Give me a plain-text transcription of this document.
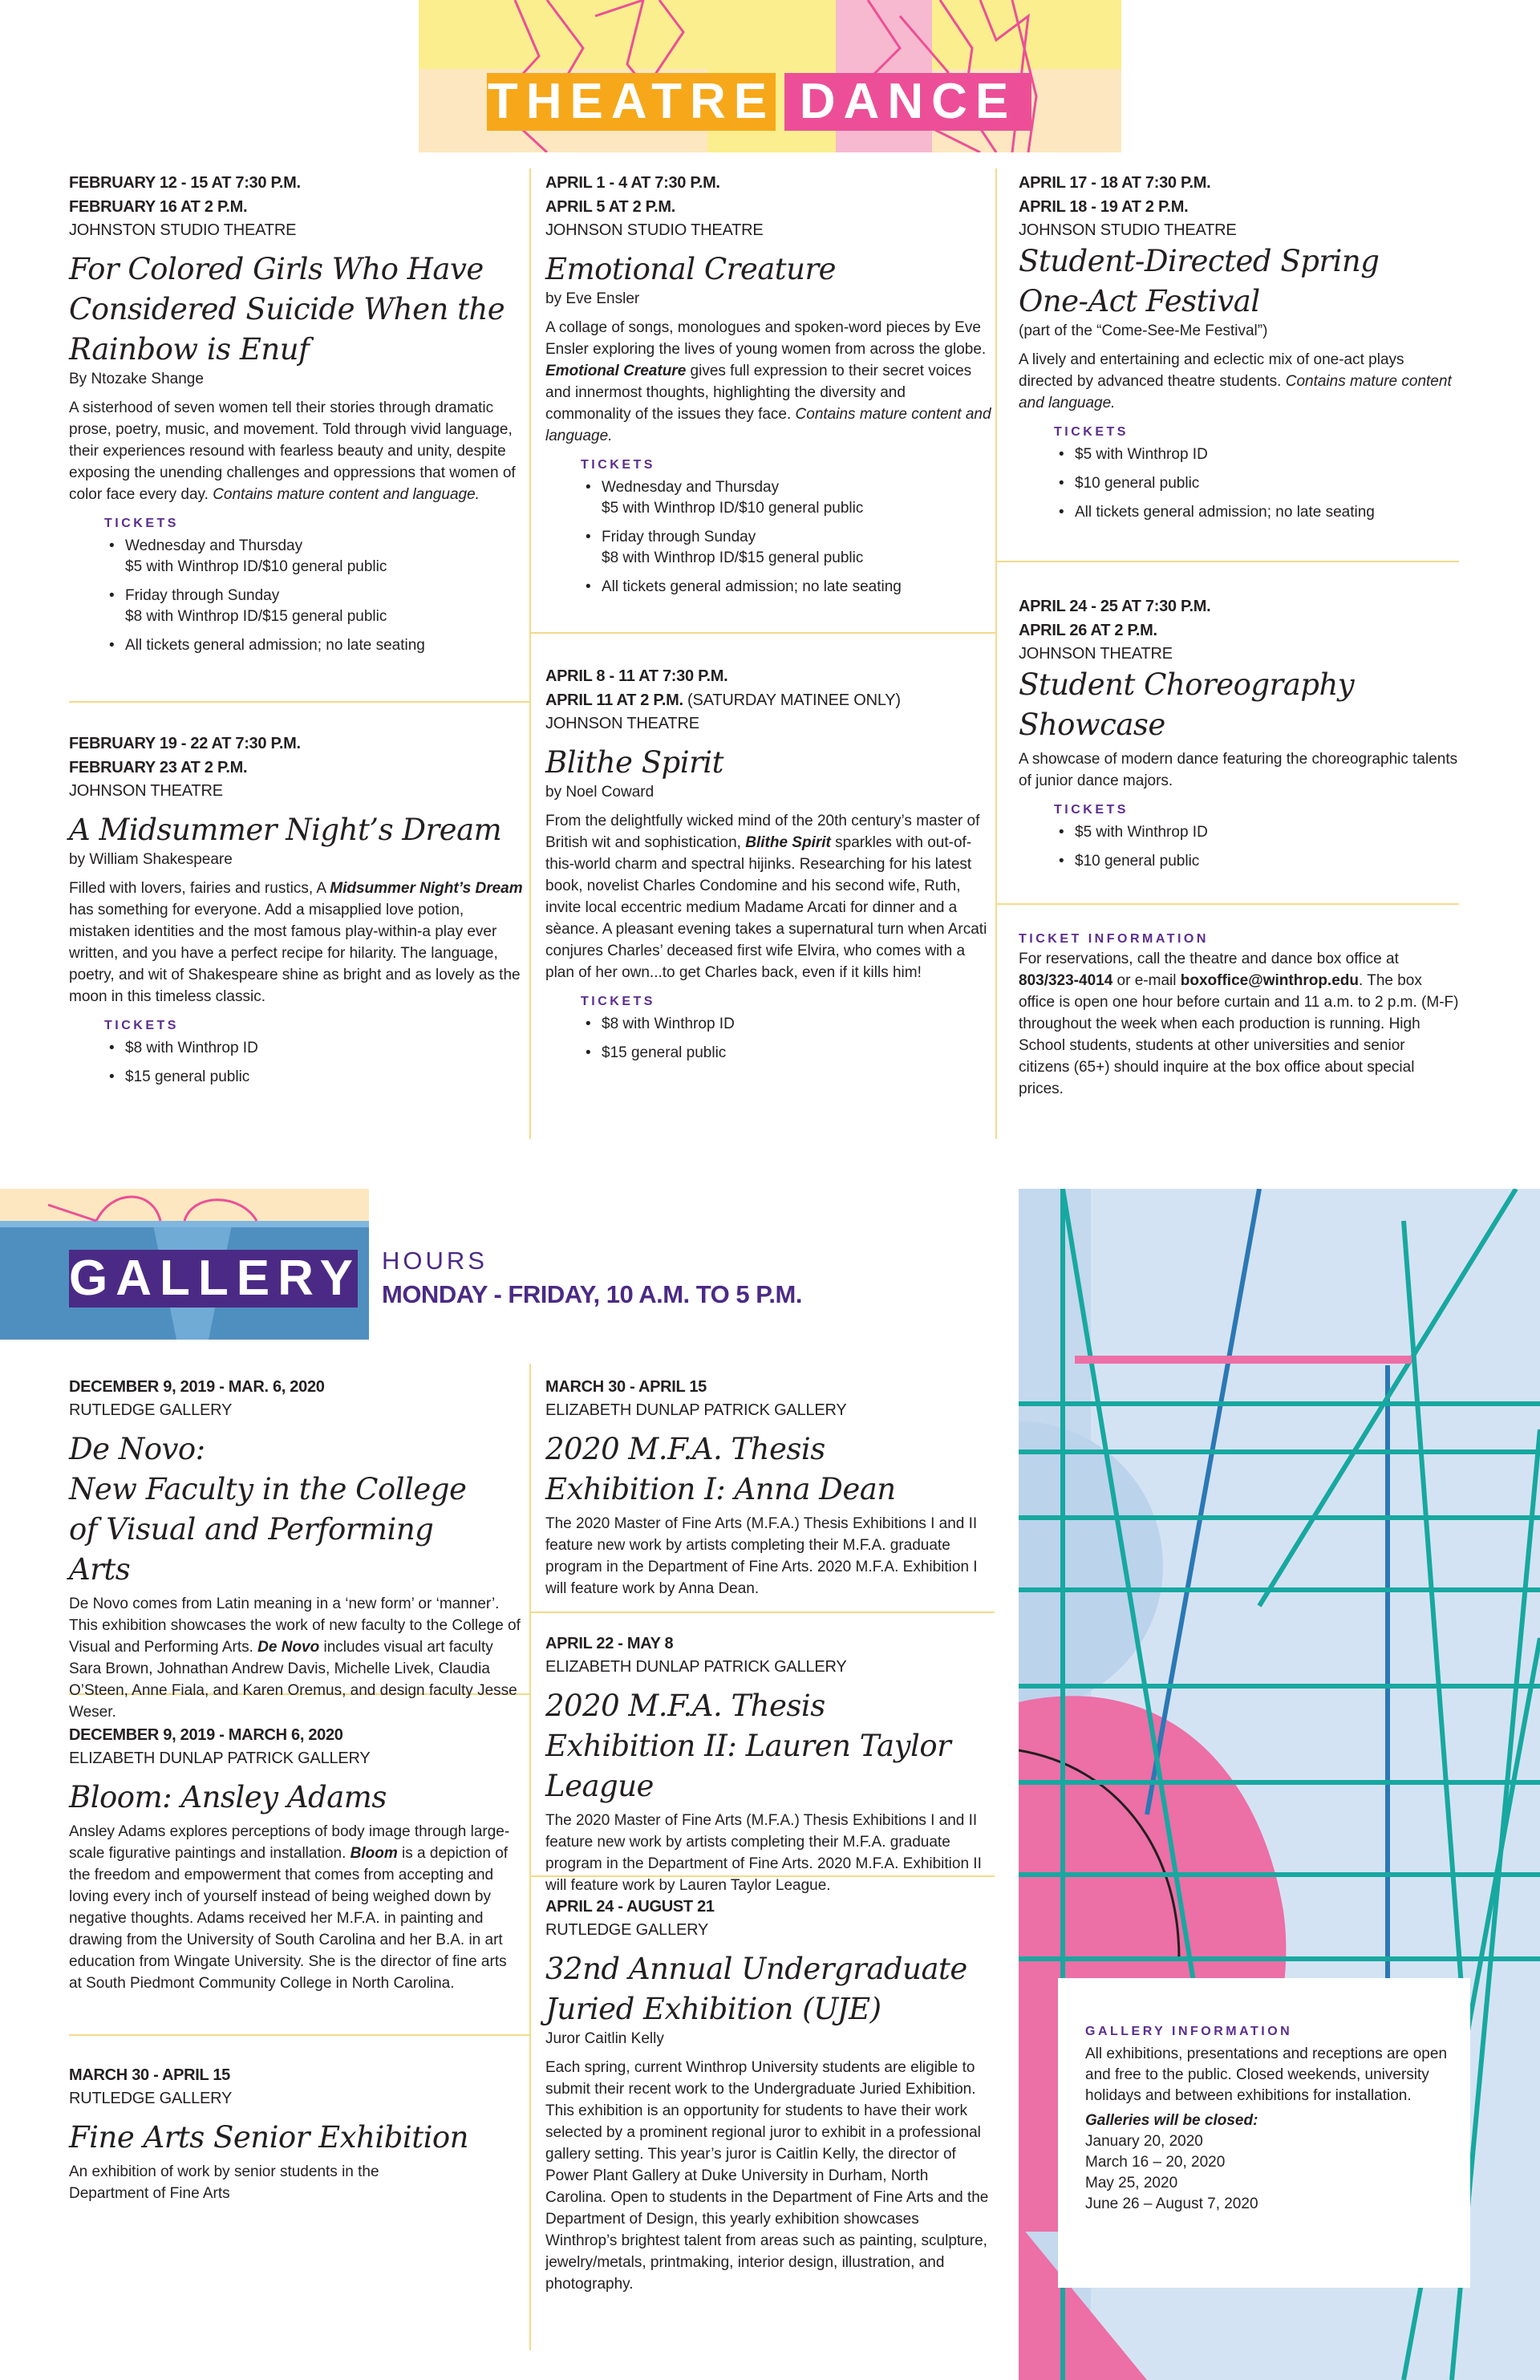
THEATRE DANCE
FEBRUARY 12 - 15 AT 7:30 P.M.
FEBRUARY 16 AT 2 P.M.
JOHNSTON STUDIO THEATRE
For Colored Girls Who Have Considered Suicide When the Rainbow is Enuf
By Ntozake Shange
A sisterhood of seven women tell their stories through dramatic prose, poetry, music, and movement. Told through vivid language, their experiences resound with fearless beauty and unity, despite exposing the unending challenges and oppressions that women of color face every day. Contains mature content and language.
TICKETS
• Wednesday and Thursday
$5 with Winthrop ID/$10 general public
• Friday through Sunday
$8 with Winthrop ID/$15 general public
• All tickets general admission; no late seating
FEBRUARY 19 - 22 AT 7:30 P.M.
FEBRUARY 23 AT 2 P.M.
JOHNSON THEATRE
A Midsummer Night’s Dream
by William Shakespeare
Filled with lovers, fairies and rustics, A Midsummer Night’s Dream has something for everyone. Add a misapplied love potion, mistaken identities and the most famous play-within-a play ever written, and you have a perfect recipe for hilarity. The language, poetry, and wit of Shakespeare shine as bright and as lovely as the moon in this timeless classic.
TICKETS
• $8 with Winthrop ID
• $15 general public
APRIL 1 - 4 AT 7:30 P.M.
APRIL 5 AT 2 P.M.
JOHNSON STUDIO THEATRE
Emotional Creature
by Eve Ensler
A collage of songs, monologues and spoken-word pieces by Eve Ensler exploring the lives of young women from across the globe. Emotional Creature gives full expression to their secret voices and innermost thoughts, highlighting the diversity and commonality of the issues they face. Contains mature content and language.
TICKETS
• Wednesday and Thursday
$5 with Winthrop ID/$10 general public
• Friday through Sunday
$8 with Winthrop ID/$15 general public
• All tickets general admission; no late seating
APRIL 8 - 11 AT 7:30 P.M.
APRIL 11 AT 2 P.M. (SATURDAY MATINEE ONLY)
JOHNSON THEATRE
Blithe Spirit
by Noel Coward
From the delightfully wicked mind of the 20th century’s master of British wit and sophistication, Blithe Spirit sparkles with out-of-this-world charm and spectral hijinks. Researching for his latest book, novelist Charles Condomine and his second wife, Ruth, invite local eccentric medium Madame Arcati for dinner and a sèance. A pleasant evening takes a supernatural turn when Arcati conjures Charles’ deceased first wife Elvira, who comes with a plan of her own...to get Charles back, even if it kills him!
TICKETS
• $8 with Winthrop ID
• $15 general public
APRIL 17 - 18 AT 7:30 P.M.
APRIL 18 - 19 AT 2 P.M.
JOHNSON STUDIO THEATRE
Student-Directed Spring One-Act Festival
(part of the “Come-See-Me Festival”)
A lively and entertaining and eclectic mix of one-act plays directed by advanced theatre students. Contains mature content and language.
TICKETS
• $5 with Winthrop ID
• $10 general public
• All tickets general admission; no late seating
APRIL 24 - 25 AT 7:30 P.M.
APRIL 26 AT 2 P.M.
JOHNSON THEATRE
Student Choreography Showcase
A showcase of modern dance featuring the choreographic talents of junior dance majors.
TICKETS
• $5 with Winthrop ID
• $10 general public
TICKET INFORMATION
For reservations, call the theatre and dance box office at 803/323-4014 or e-mail boxoffice@winthrop.edu. The box office is open one hour before curtain and 11 a.m. to 2 p.m. (M-F) throughout the week when each production is running. High School students, students at other universities and senior citizens (65+) should inquire at the box office about special prices.
GALLERY HOURS
MONDAY - FRIDAY, 10 A.M. TO 5 P.M.
DECEMBER 9, 2019 - MAR. 6, 2020
RUTLEDGE GALLERY
De Novo:
New Faculty in the College of Visual and Performing Arts
De Novo comes from Latin meaning in a ‘new form’ or ‘manner’. This exhibition showcases the work of new faculty to the College of Visual and Performing Arts. De Novo includes visual art faculty Sara Brown, Johnathan Andrew Davis, Michelle Livek, Claudia O’Steen, Anne Fiala, and Karen Oremus, and design faculty Jesse Weser.
DECEMBER 9, 2019 - MARCH 6, 2020
ELIZABETH DUNLAP PATRICK GALLERY
Bloom: Ansley Adams
Ansley Adams explores perceptions of body image through large-scale figurative paintings and installation. Bloom is a depiction of the freedom and empowerment that comes from accepting and loving every inch of yourself instead of being weighed down by negative thoughts. Adams received her M.F.A. in painting and drawing from the University of South Carolina and her B.A. in art education from Wingate University. She is the director of fine arts at South Piedmont Community College in North Carolina.
MARCH 30 - APRIL 15
RUTLEDGE GALLERY
Fine Arts Senior Exhibition
An exhibition of work by senior students in the Department of Fine Arts
MARCH 30 - APRIL 15
ELIZABETH DUNLAP PATRICK GALLERY
2020 M.F.A. Thesis Exhibition I: Anna Dean
The 2020 Master of Fine Arts (M.F.A.) Thesis Exhibitions I and II feature new work by artists completing their M.F.A. graduate program in the Department of Fine Arts. 2020 M.F.A. Exhibition I will feature work by Anna Dean.
APRIL 22 - MAY 8
ELIZABETH DUNLAP PATRICK GALLERY
2020 M.F.A. Thesis Exhibition II: Lauren Taylor League
The 2020 Master of Fine Arts (M.F.A.) Thesis Exhibitions I and II feature new work by artists completing their M.F.A. graduate program in the Department of Fine Arts. 2020 M.F.A. Exhibition II will feature work by Lauren Taylor League.
APRIL 24 - AUGUST 21
RUTLEDGE GALLERY
32nd Annual Undergraduate Juried Exhibition (UJE)
Juror Caitlin Kelly
Each spring, current Winthrop University students are eligible to submit their recent work to the Undergraduate Juried Exhibition. This exhibition is an opportunity for students to have their work selected by a prominent regional juror to exhibit in a professional gallery setting. This year’s juror is Caitlin Kelly, the director of Power Plant Gallery at Duke University in Durham, North Carolina. Open to students in the Department of Fine Arts and the Department of Design, this yearly exhibition showcases Winthrop’s brightest talent from areas such as painting, sculpture, jewelry/metals, printmaking, interior design, illustration, and photography.
GALLERY INFORMATION
All exhibitions, presentations and receptions are open and free to the public. Closed weekends, university holidays and between exhibitions for installation.
Galleries will be closed:
January 20, 2020
March 16 – 20, 2020
May 25, 2020
June 26 – August 7, 2020
